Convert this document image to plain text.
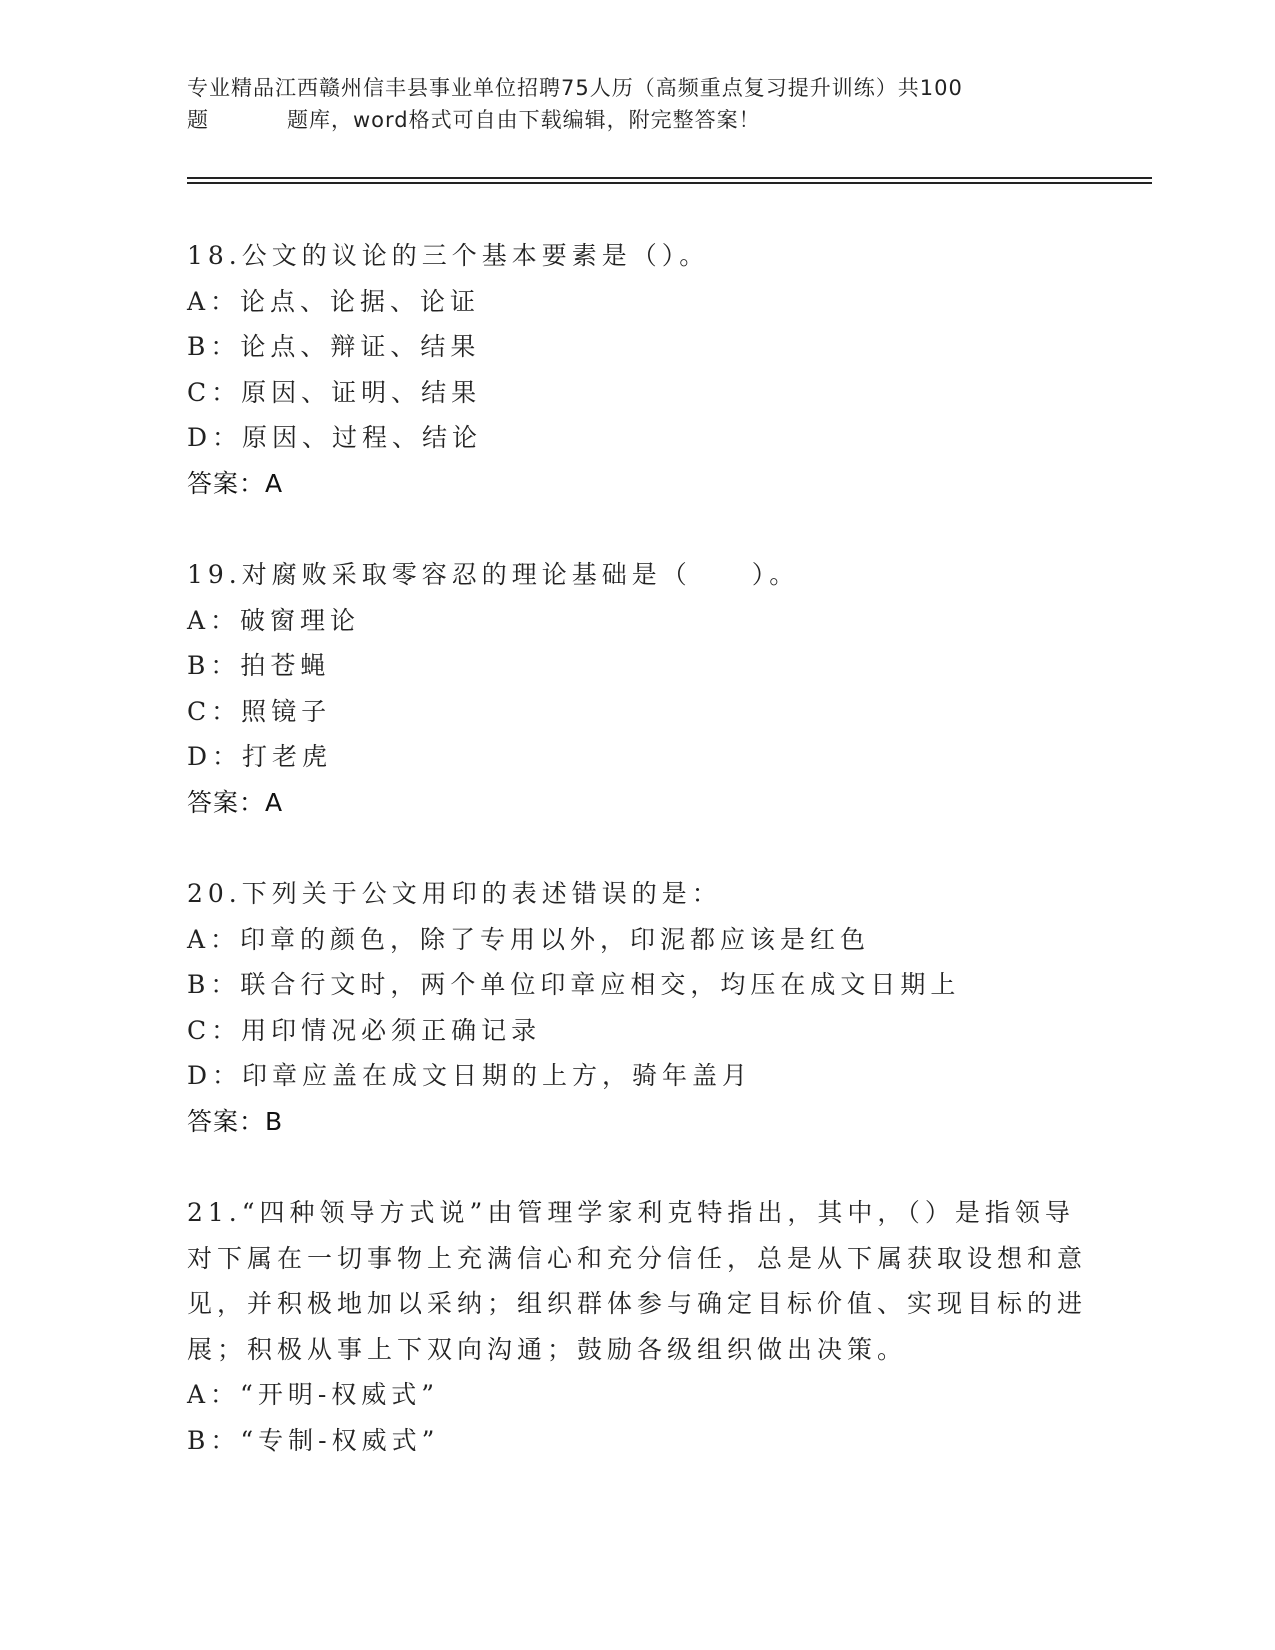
专业精品江西赣州信丰县事业单位招聘75人历（高频重点复习提升训练）共100
题	题库，word格式可自由下载编辑，附完整答案！

18.公文的议论的三个基本要素是（）。

A：论点、论据、论证

B：论点、辩证、结果

C：原因、证明、结果

D：原因、过程、结论

答案：A

19.对腐败采取零容忍的理论基础是（　　）。

A：破窗理论

B：拍苍蝇

C：照镜子

D：打老虎

答案：A

20.下列关于公文用印的表述错误的是：

A：印章的颜色，除了专用以外，印泥都应该是红色

B：联合行文时，两个单位印章应相交，均压在成文日期上

C：用印情况必须正确记录

D：印章应盖在成文日期的上方，骑年盖月

答案：B

21.“四种领导方式说”由管理学家利克特指出，其中，（）是指领导对下属在一切事物上充满信心和充分信任，总是从下属获取设想和意见，并积极地加以采纳；组织群体参与确定目标价值、实现目标的进展；积极从事上下双向沟通；鼓励各级组织做出决策。

A：“开明-权威式”

B：“专制-权威式”
